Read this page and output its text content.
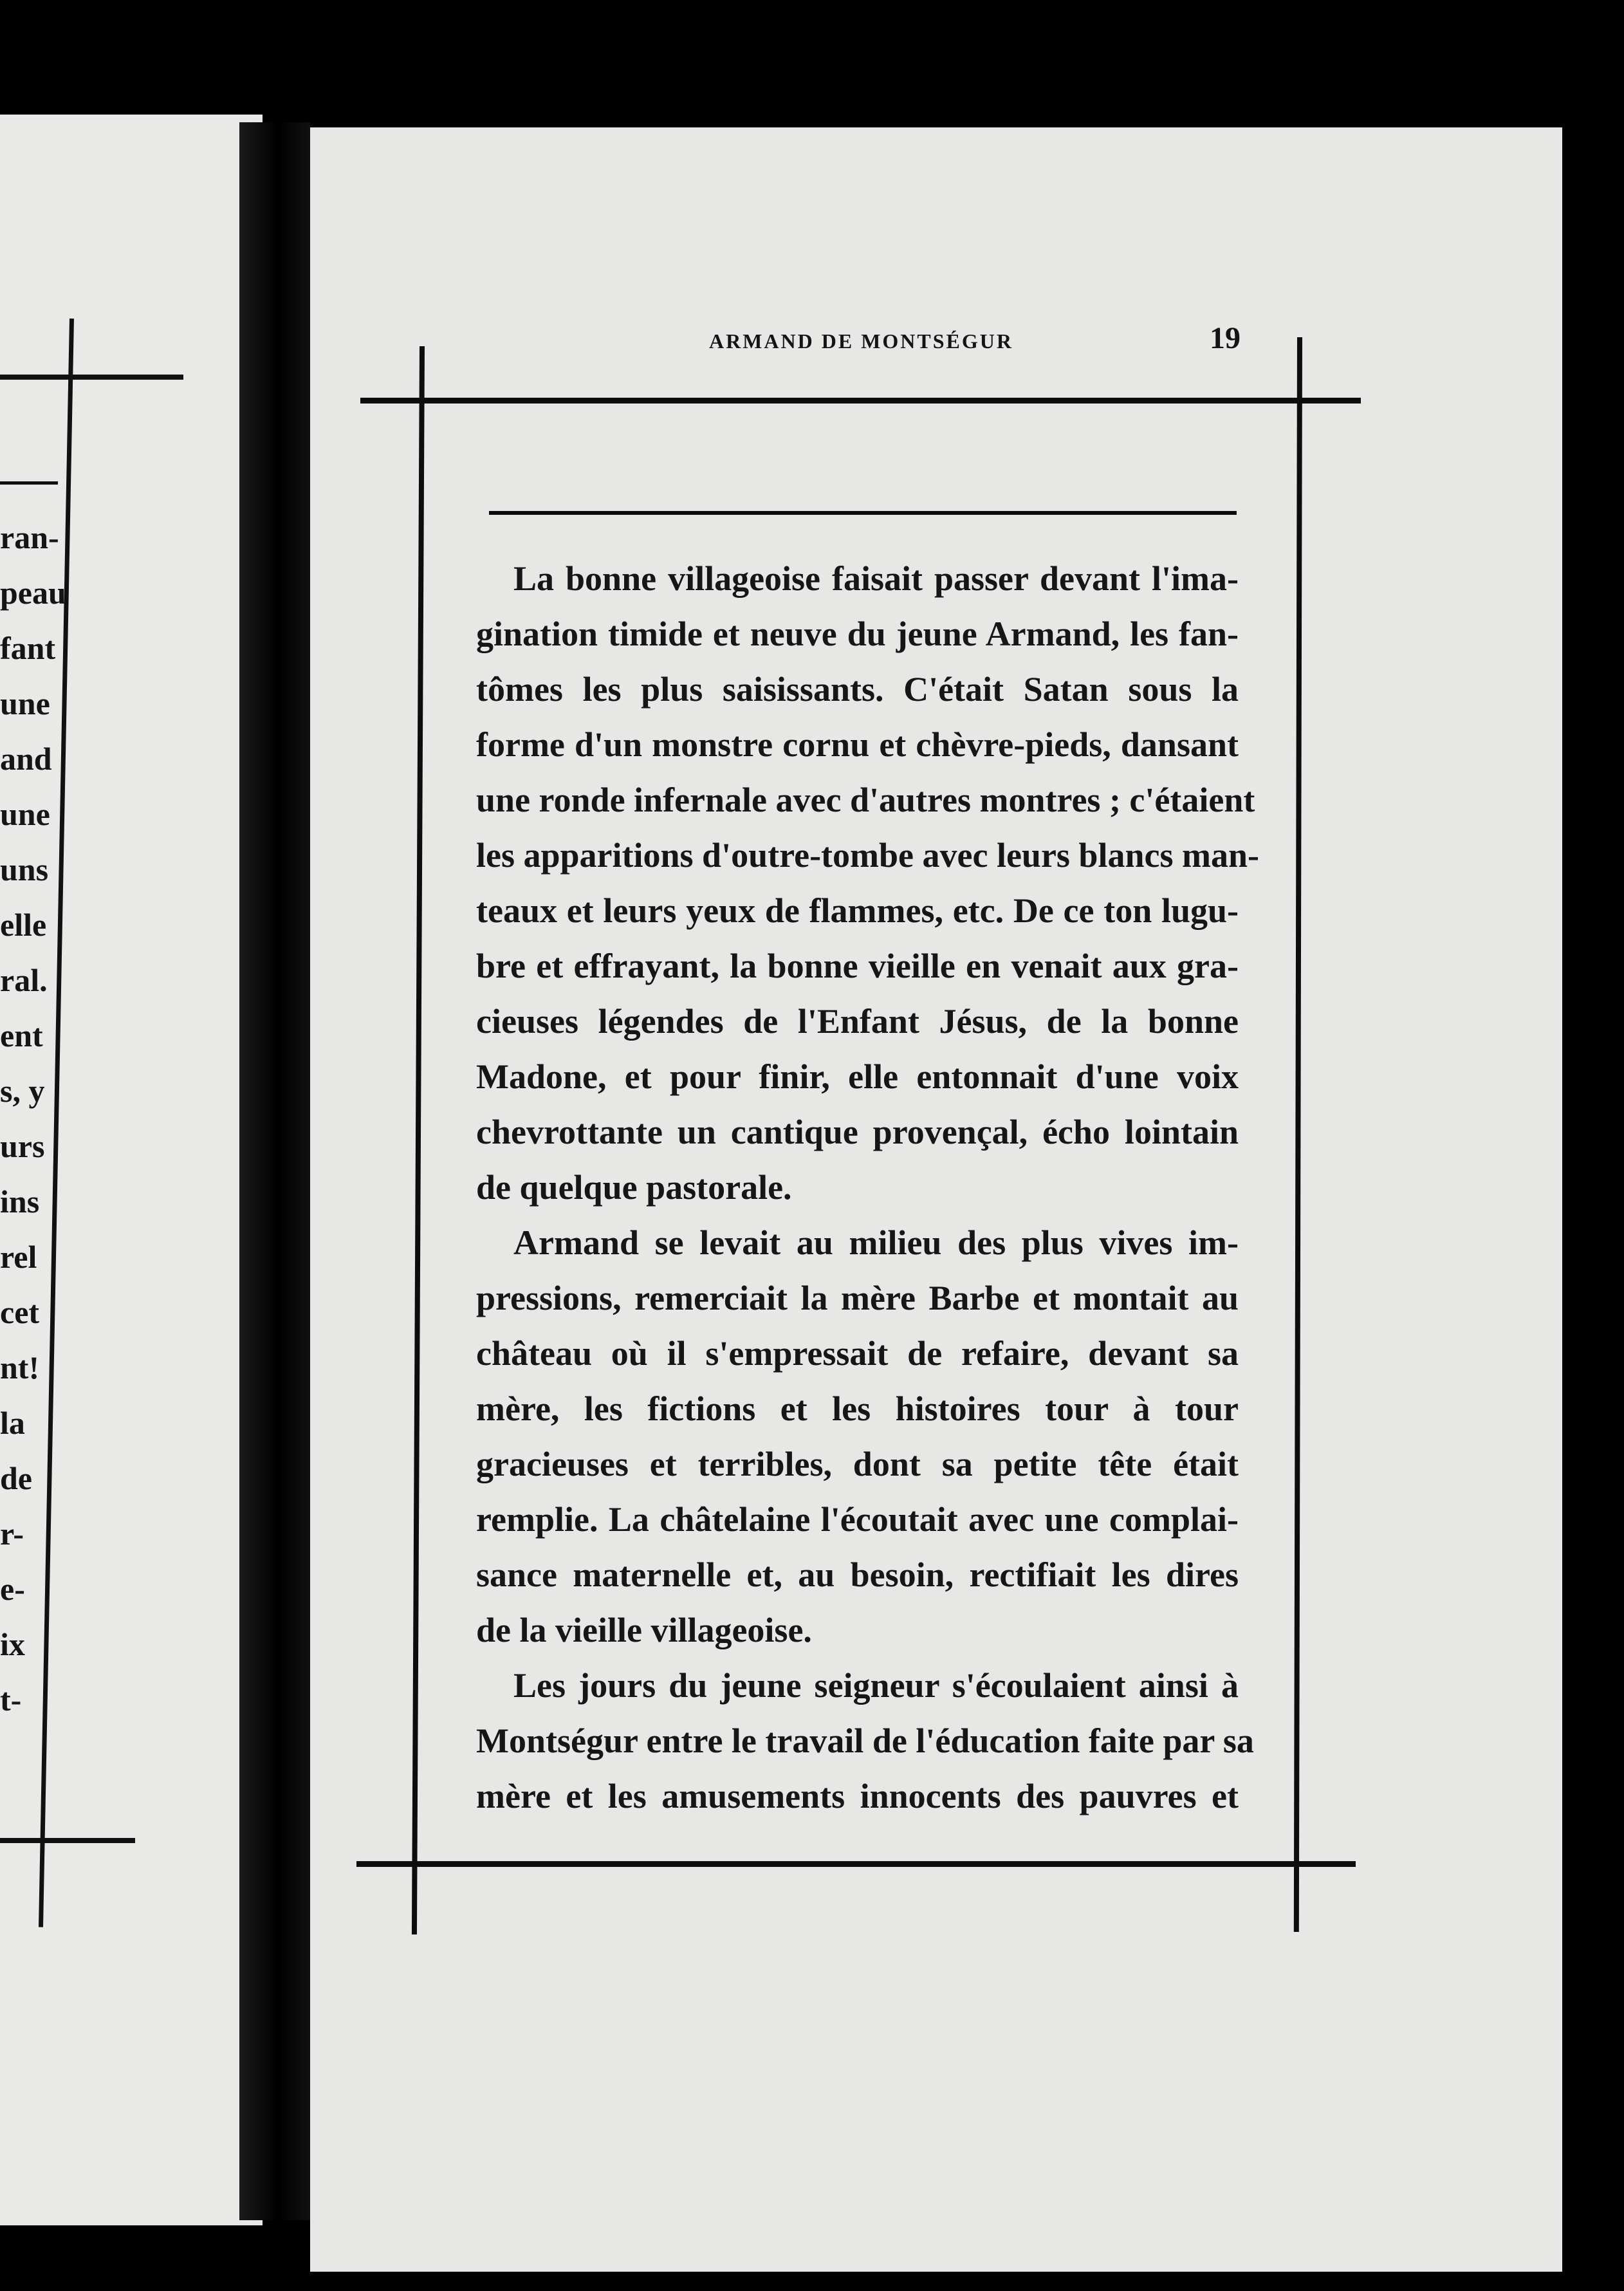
ran-
peau
fant
une
and
une
uns
elle
ral.
ent
s, y
urs
ins
rel
cet
nt!
la
de
r-
e-
ix
t-
ARMAND DE MONTSÉGUR	19
La bonne villageoise faisait passer devant l'ima-
gination timide et neuve du jeune Armand, les fan-
tômes les plus saisissants. C'était Satan sous la
forme d'un monstre cornu et chèvre-pieds, dansant
une ronde infernale avec d'autres montres ; c'étaient
les apparitions d'outre-tombe avec leurs blancs man-
teaux et leurs yeux de flammes, etc. De ce ton lugu-
bre et effrayant, la bonne vieille en venait aux gra-
cieuses légendes de l'Enfant Jésus, de la bonne
Madone, et pour finir, elle entonnait d'une voix
chevrottante un cantique provençal, écho lointain
de quelque pastorale.
Armand se levait au milieu des plus vives im-
pressions, remerciait la mère Barbe et montait au
château où il s'empressait de refaire, devant sa
mère, les fictions et les histoires tour à tour
gracieuses et terribles, dont sa petite tête était
remplie. La châtelaine l'écoutait avec une complai-
sance maternelle et, au besoin, rectifiait les dires
de la vieille villageoise.
Les jours du jeune seigneur s'écoulaient ainsi à
Montségur entre le travail de l'éducation faite par sa
mère et les amusements innocents des pauvres et
